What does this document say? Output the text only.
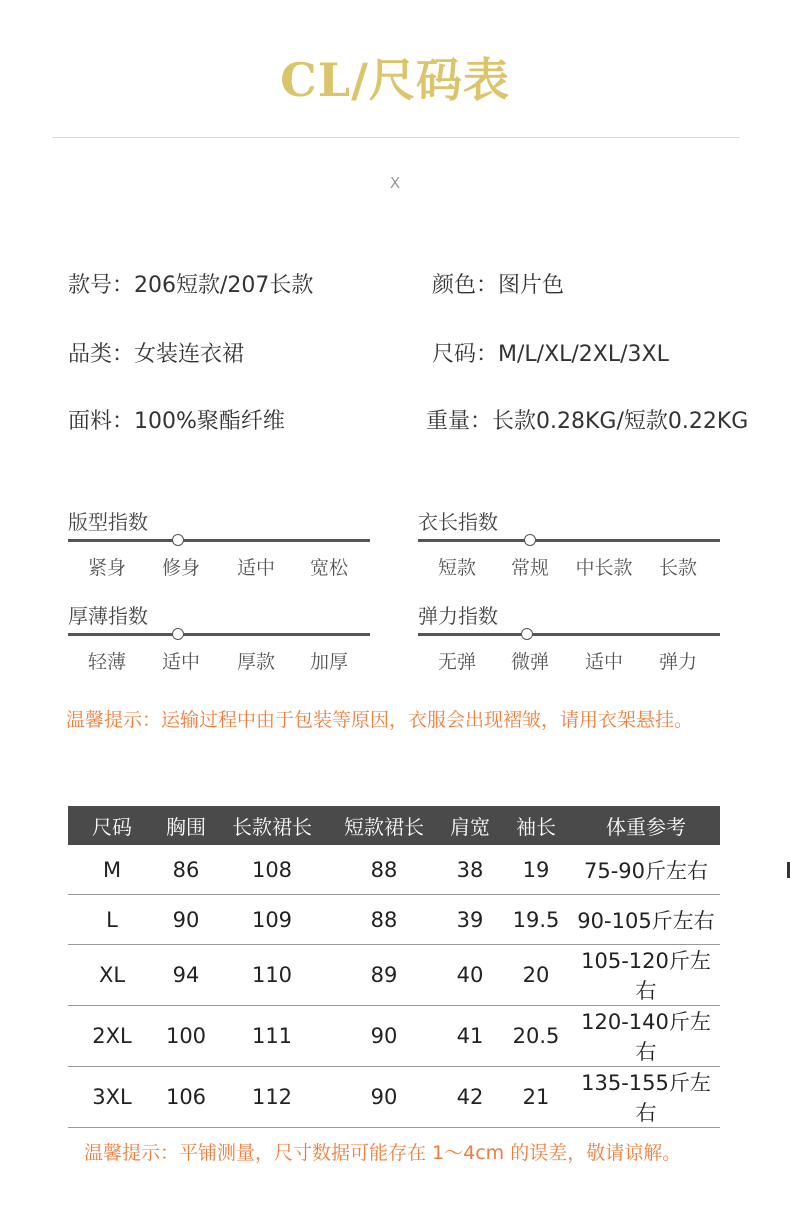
CL/尺码表
X
款号：206短款/207长款	颜色：图片色
品类：女装连衣裙	尺码：M/L/XL/2XL/3XL
面料：100%聚酯纤维	重量：长款0.28KG/短款0.22KG
版型指数
紧身	修身	适中	宽松
衣长指数
短款	常规	中长款	长款
厚薄指数
轻薄	适中	厚款	加厚
弹力指数
无弹	微弹	适中	弹力
温馨提示：运输过程中由于包装等原因，衣服会出现褶皱，请用衣架悬挂。
尺码	胸围	长款裙长	短款裙长	肩宽	袖长	体重参考
M	86	108	88	38	19	75-90斤左右
L	90	109	88	39	19.5	90-105斤左右
XL	94	110	89	40	20	105-120斤左右
2XL	100	111	90	41	20.5	120-140斤左右
3XL	106	112	90	42	21	135-155斤左右
温馨提示：平铺测量，尺寸数据可能存在 1～4cm 的误差，敬请谅解。
